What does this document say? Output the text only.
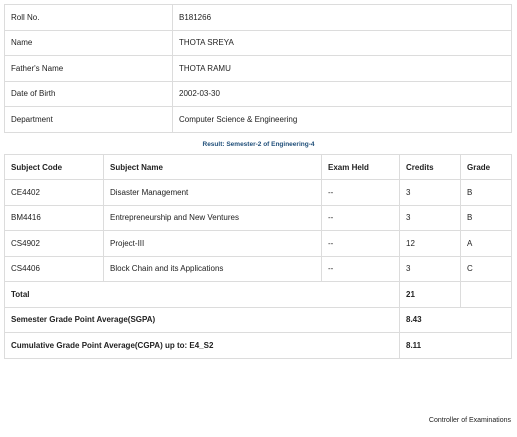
Roll No.	B181266
Name	THOTA SREYA
Father's Name	THOTA RAMU
Date of Birth	2002-03-30
Department	Computer Science & Engineering
Result: Semester-2 of Engineering-4
Subject Code	Subject Name	Exam Held	Credits	Grade
CE4402	Disaster Management	--	3	B
BM4416	Entrepreneurship and New Ventures	--	3	B
CS4902	Project-III	--	12	A
CS4406	Block Chain and its Applications	--	3	C
Total			21	
Semester Grade Point Average(SGPA)			8.43	
Cumulative Grade Point Average(CGPA) up to: E4_S2			8.11	
Controller of Examinations
